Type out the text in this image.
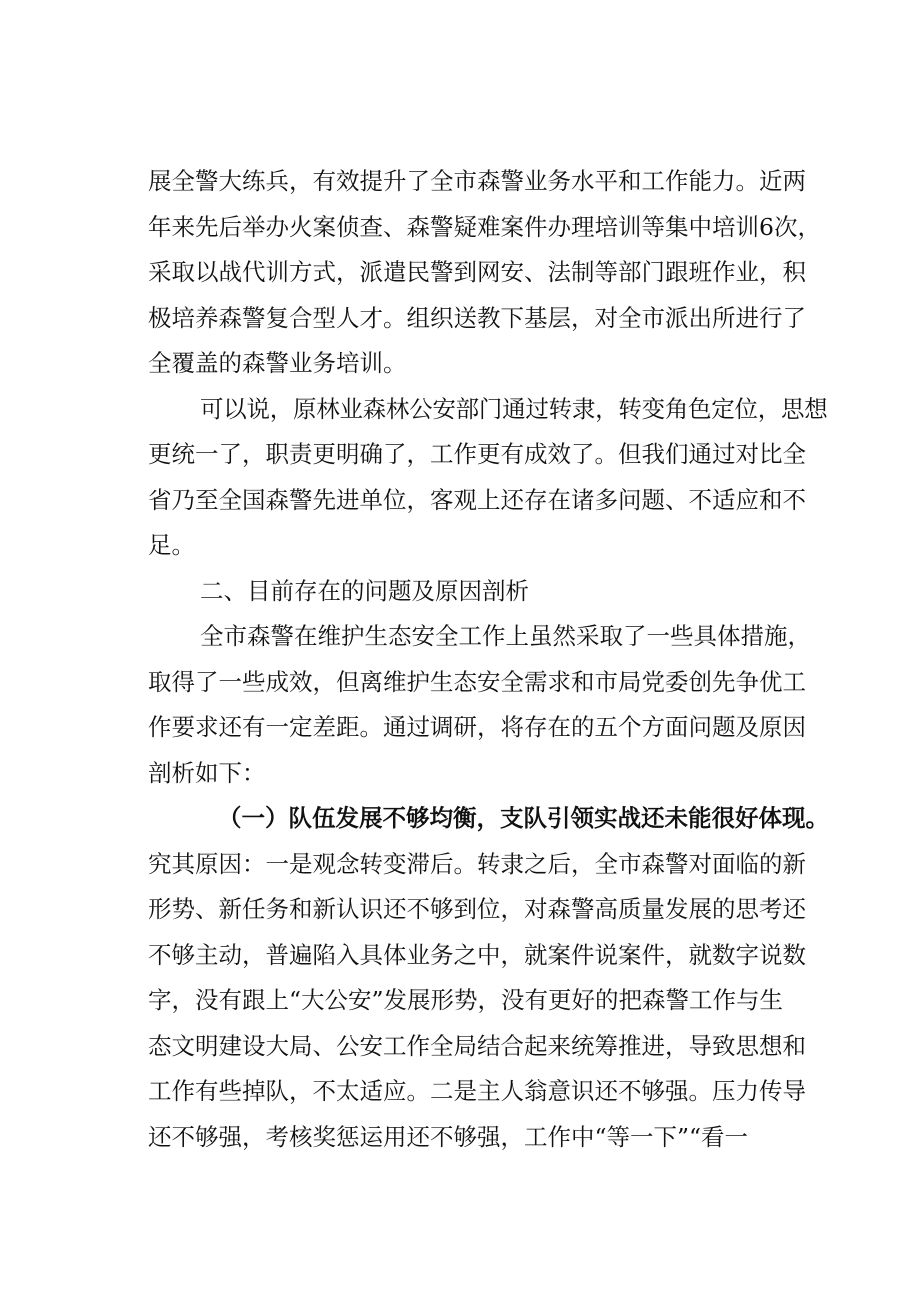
展全警大练兵，有效提升了全市森警业务水平和工作能力。近两
年来先后举办火案侦查、森警疑难案件办理培训等集中培训6次，
采取以战代训方式，派遣民警到网安、法制等部门跟班作业，积
极培养森警复合型人才。组织送教下基层，对全市派出所进行了
全覆盖的森警业务培训。
可以说，原林业森林公安部门通过转隶，转变角色定位，思想
更统一了，职责更明确了，工作更有成效了。但我们通过对比全
省乃至全国森警先进单位，客观上还存在诸多问题、不适应和不
足。
二、目前存在的问题及原因剖析
全市森警在维护生态安全工作上虽然采取了一些具体措施，
取得了一些成效，但离维护生态安全需求和市局党委创先争优工
作要求还有一定差距。通过调研，将存在的五个方面问题及原因
剖析如下：
（一）队伍发展不够均衡，支队引领实战还未能很好体现。
究其原因：一是观念转变滞后。转隶之后，全市森警对面临的新
形势、新任务和新认识还不够到位，对森警高质量发展的思考还
不够主动，普遍陷入具体业务之中，就案件说案件，就数字说数
字，没有跟上“大公安”发展形势，没有更好的把森警工作与生
态文明建设大局、公安工作全局结合起来统筹推进，导致思想和
工作有些掉队，不太适应。二是主人翁意识还不够强。压力传导
还不够强，考核奖惩运用还不够强，工作中“等一下”“看一
